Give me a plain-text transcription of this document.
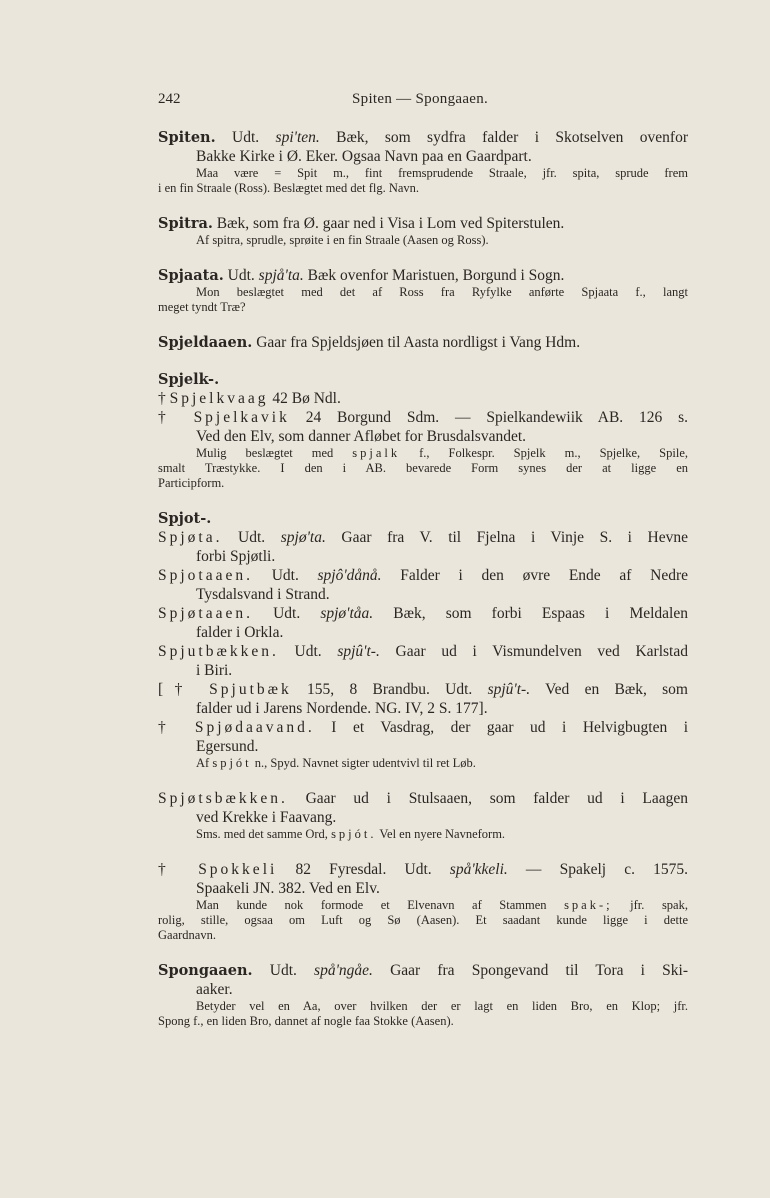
242	Spiten — Spongaaen.
Spiten. Udt. spi'ten. Bæk, som sydfra falder i Skotselven ovenfor
Bakke Kirke i Ø. Eker. Ogsaa Navn paa en Gaardpart.
Maa være = Spit m., fint fremsprudende Straale, jfr. spita, sprude frem
i en fin Straale (Ross). Beslægtet med det flg. Navn.
Spitra. Bæk, som fra Ø. gaar ned i Visa i Lom ved Spiterstulen.
Af spitra, sprudle, sprøite i en fin Straale (Aasen og Ross).
Spjaata. Udt. spjå'ta. Bæk ovenfor Maristuen, Borgund i Sogn.
Mon beslægtet med det af Ross fra Ryfylke anførte Spjaata f., langt
meget tyndt Træ?
Spjeldaaen. Gaar fra Spjeldsjøen til Aasta nordligst i Vang Hdm.
Spjelk-.
† Spjelkvaag 42 Bø Ndl.
† Spjelkavik 24 Borgund Sdm. — Spielkandewiik AB. 126 s.
Ved den Elv, som danner Afløbet for Brusdalsvandet.
Mulig beslægtet med spjalk f., Folkespr. Spjelk m., Spjelke, Spile,
smalt Træstykke. I den i AB. bevarede Form synes der at ligge en
Participform.
Spjot-.
Spjøta. Udt. spjø'ta. Gaar fra V. til Fjelna i Vinje S. i Hevne
forbi Spjøtli.
Spjotaaen. Udt. spjô'dånå. Falder i den øvre Ende af Nedre
Tysdalsvand i Strand.
Spjøtaaen. Udt. spjø'tåa. Bæk, som forbi Espaas i Meldalen
falder i Orkla.
Spjutbækken. Udt. spjû't-. Gaar ud i Vismundelven ved Karlstad
i Biri.
[† Spjutbæk 155, 8 Brandbu. Udt. spjû't-. Ved en Bæk, som
falder ud i Jarens Nordende. NG. IV, 2 S. 177].
† Spjødaavand. I et Vasdrag, der gaar ud i Helvigbugten i
Egersund.
Af spjót n., Spyd. Navnet sigter udentvivl til ret Løb.
Spjøtsbækken. Gaar ud i Stulsaaen, som falder ud i Laagen
ved Krekke i Faavang.
Sms. med det samme Ord, spjót. Vel en nyere Navneform.
† Spokkeli 82 Fyresdal. Udt. spå'kkeli. — Spakelj c. 1575.
Spaakeli JN. 382. Ved en Elv.
Man kunde nok formode et Elvenavn af Stammen spak-; jfr. spak,
rolig, stille, ogsaa om Luft og Sø (Aasen). Et saadant kunde ligge i dette
Gaardnavn.
Spongaaen. Udt. spå'ngåe. Gaar fra Spongevand til Tora i Ski-
aaker.
Betyder vel en Aa, over hvilken der er lagt en liden Bro, en Klop; jfr.
Spong f., en liden Bro, dannet af nogle faa Stokke (Aasen).
